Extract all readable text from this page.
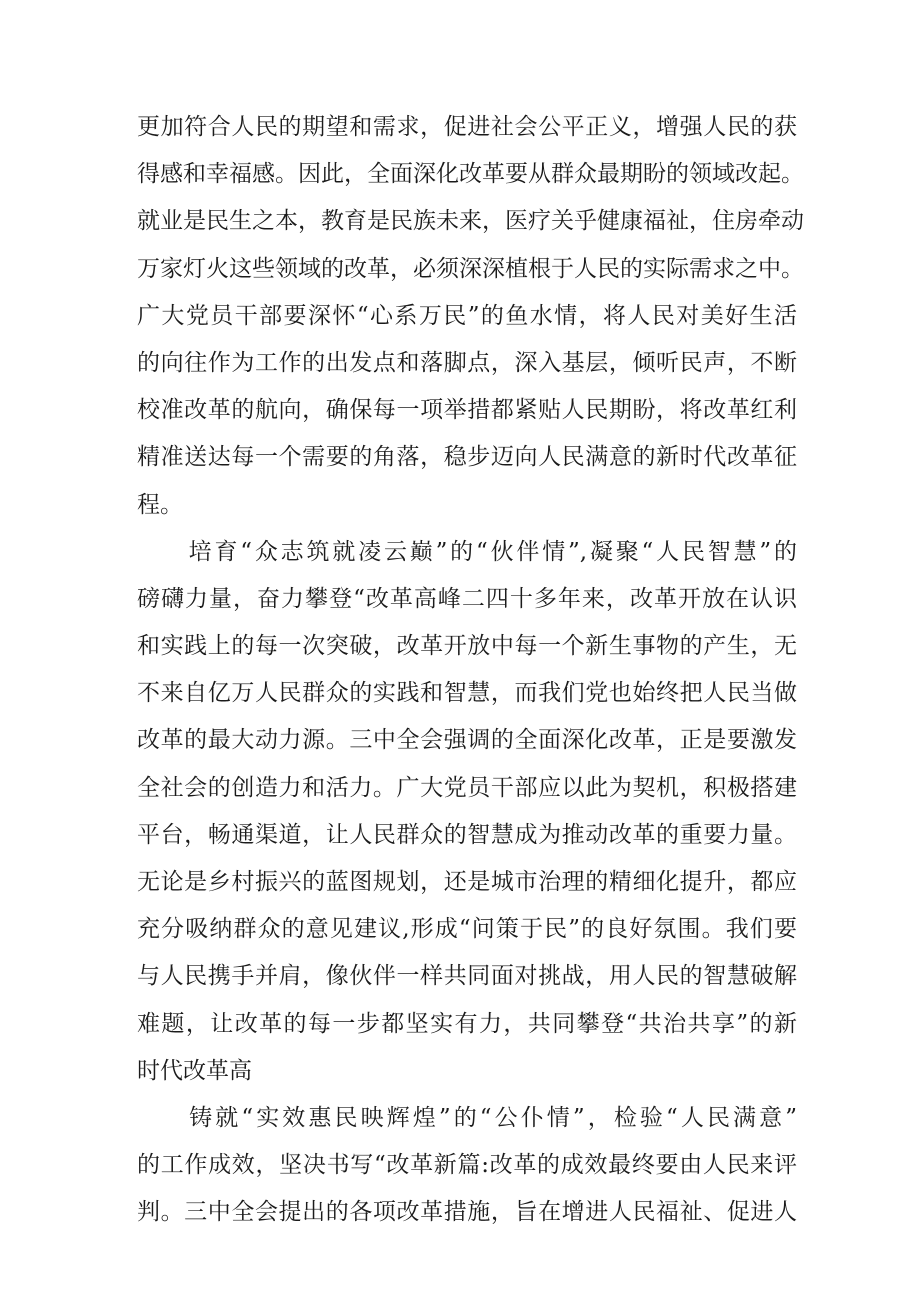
更加符合人民的期望和需求，促进社会公平正义，增强人民的获
得感和幸福感。因此，全面深化改革要从群众最期盼的领域改起。
就业是民生之本，教育是民族未来，医疗关乎健康福祉，住房牵动
万家灯火这些领域的改革，必须深深植根于人民的实际需求之中。
广大党员干部要深怀“心系万民”的鱼水情，将人民对美好生活
的向往作为工作的出发点和落脚点，深入基层，倾听民声，不断
校准改革的航向，确保每一项举措都紧贴人民期盼，将改革红利
精准送达每一个需要的角落，稳步迈向人民满意的新时代改革征
程。
　　培育“众志筑就凌云巅”的“伙伴情”,凝聚“人民智慧”的
磅礴力量，奋力攀登“改革高峰二四十多年来，改革开放在认识
和实践上的每一次突破，改革开放中每一个新生事物的产生，无
不来自亿万人民群众的实践和智慧，而我们党也始终把人民当做
改革的最大动力源。三中全会强调的全面深化改革，正是要激发
全社会的创造力和活力。广大党员干部应以此为契机，积极搭建
平台，畅通渠道，让人民群众的智慧成为推动改革的重要力量。
无论是乡村振兴的蓝图规划，还是城市治理的精细化提升，都应
充分吸纳群众的意见建议,形成“问策于民”的良好氛围。我们要
与人民携手并肩，像伙伴一样共同面对挑战，用人民的智慧破解
难题，让改革的每一步都坚实有力，共同攀登“共治共享”的新
时代改革高
　　铸就“实效惠民映辉煌”的“公仆情”，检验“人民满意”
的工作成效，坚决书写“改革新篇:改革的成效最终要由人民来评
判。三中全会提出的各项改革措施，旨在增进人民福祉、促进人
